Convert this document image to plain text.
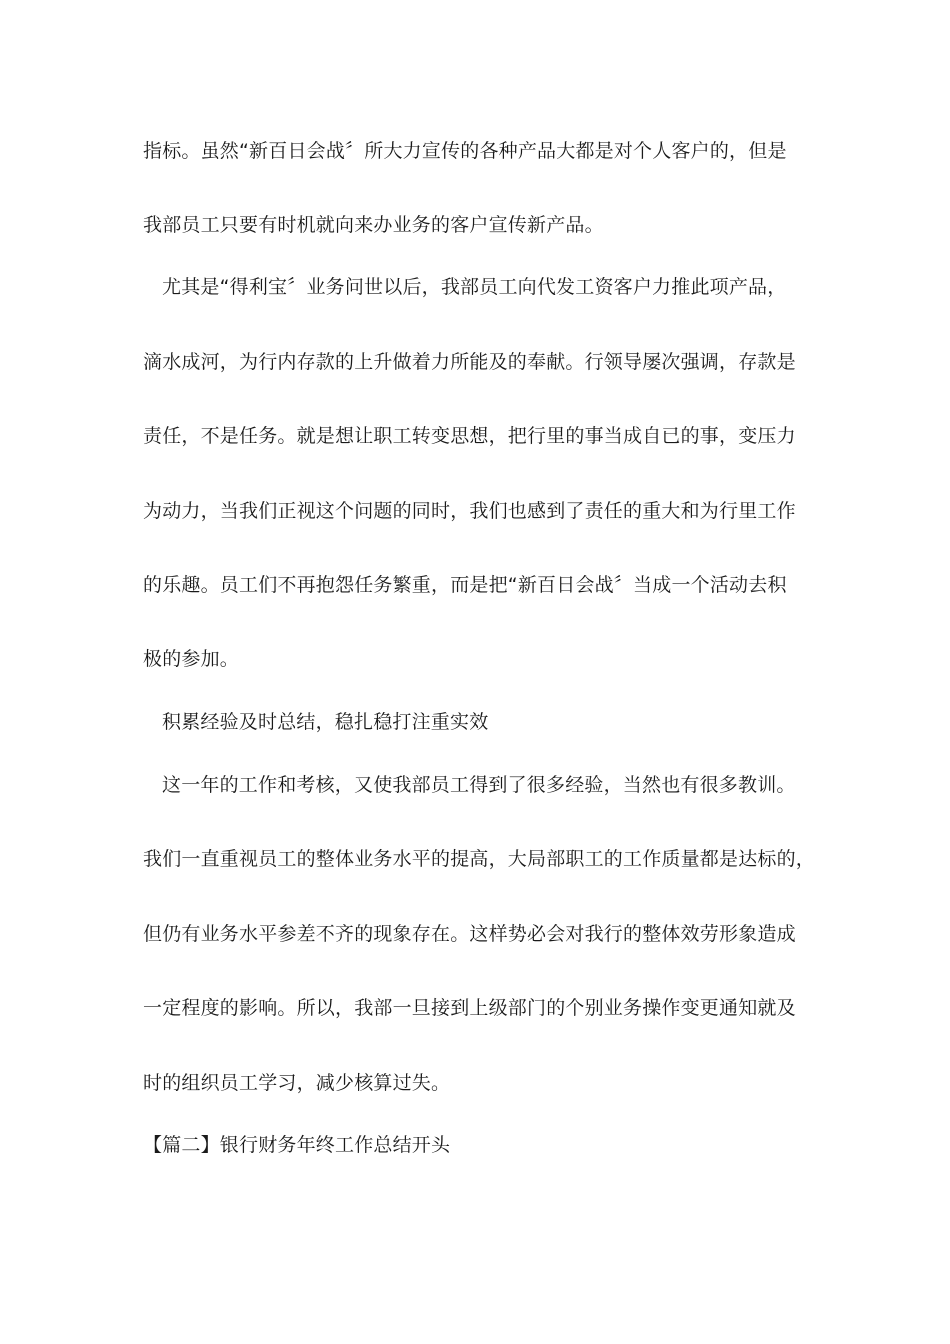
指标。虽然“新百日会战〞所大力宣传的各种产品大都是对个人客户的，但是
我部员工只要有时机就向来办业务的客户宣传新产品。
尤其是“得利宝〞业务问世以后，我部员工向代发工资客户力推此项产品，
滴水成河，为行内存款的上升做着力所能及的奉献。行领导屡次强调，存款是
责任，不是任务。就是想让职工转变思想，把行里的事当成自已的事，变压力
为动力，当我们正视这个问题的同时，我们也感到了责任的重大和为行里工作
的乐趣。员工们不再抱怨任务繁重，而是把“新百日会战〞当成一个活动去积
极的参加。
积累经验及时总结，稳扎稳打注重实效
这一年的工作和考核，又使我部员工得到了很多经验，当然也有很多教训。
我们一直重视员工的整体业务水平的提高，大局部职工的工作质量都是达标的，
但仍有业务水平参差不齐的现象存在。这样势必会对我行的整体效劳形象造成
一定程度的影响。所以，我部一旦接到上级部门的个别业务操作变更通知就及
时的组织员工学习，减少核算过失。
【篇二】银行财务年终工作总结开头
